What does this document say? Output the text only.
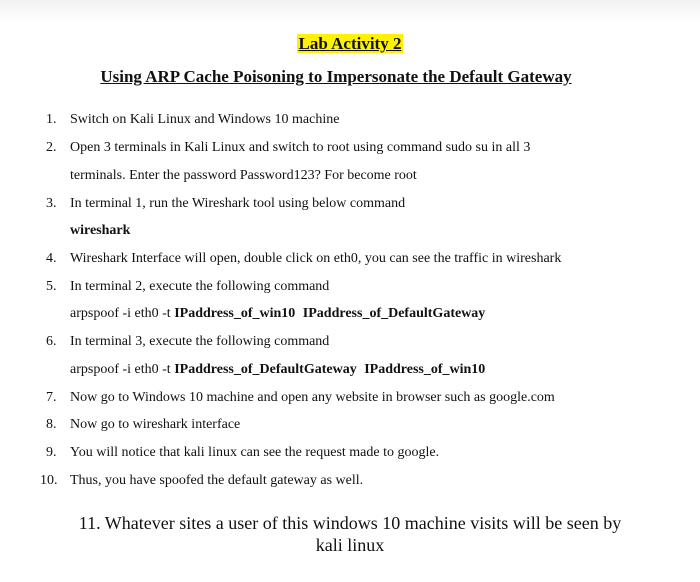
Lab Activity 2
Using ARP Cache Poisoning to Impersonate the Default Gateway
1. Switch on Kali Linux and Windows 10 machine
2. Open 3 terminals in Kali Linux and switch to root using command sudo su in all 3
terminals. Enter the password Password123? For become root
3. In terminal 1, run the Wireshark tool using below command
wireshark
4. Wireshark Interface will open, double click on eth0, you can see the traffic in wireshark
5. In terminal 2, execute the following command
arpspoof -i eth0 -t IPaddress_of_win10 IPaddress_of_DefaultGateway
6. In terminal 3, execute the following command
arpspoof -i eth0 -t IPaddress_of_DefaultGateway IPaddress_of_win10
7. Now go to Windows 10 machine and open any website in browser such as google.com
8. Now go to wireshark interface
9. You will notice that kali linux can see the request made to google.
10. Thus, you have spoofed the default gateway as well.
11. Whatever sites a user of this windows 10 machine visits will be seen by
kali linux
